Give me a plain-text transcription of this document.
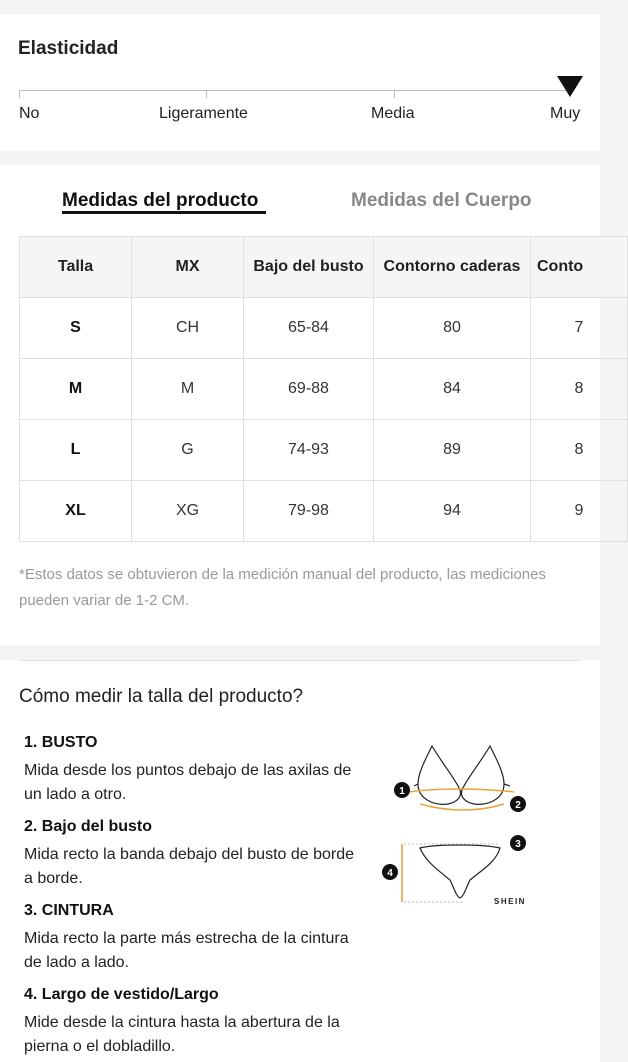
Elasticidad
No	Ligeramente	Media	Muy
Medidas del producto	Medidas del Cuerpo
Talla	MX	Bajo del busto	Contorno caderas	Conto
S	CH	65-84	80	7
M	M	69-88	84	8
L	G	74-93	89	8
XL	XG	79-98	94	9
*Estos datos se obtuvieron de la medición manual del producto, las mediciones pueden variar de 1-2 CM.
Cómo medir la talla del producto?
1. BUSTO
Mida desde los puntos debajo de las axilas de un lado a otro.
2. Bajo del busto
Mida recto la banda debajo del busto de borde a borde.
3. CINTURA
Mida recto la parte más estrecha de la cintura de lado a lado.
4. Largo de vestido/Largo
Mide desde la cintura hasta la abertura de la pierna o el dobladillo.
1
2
3
4
SHEIN
